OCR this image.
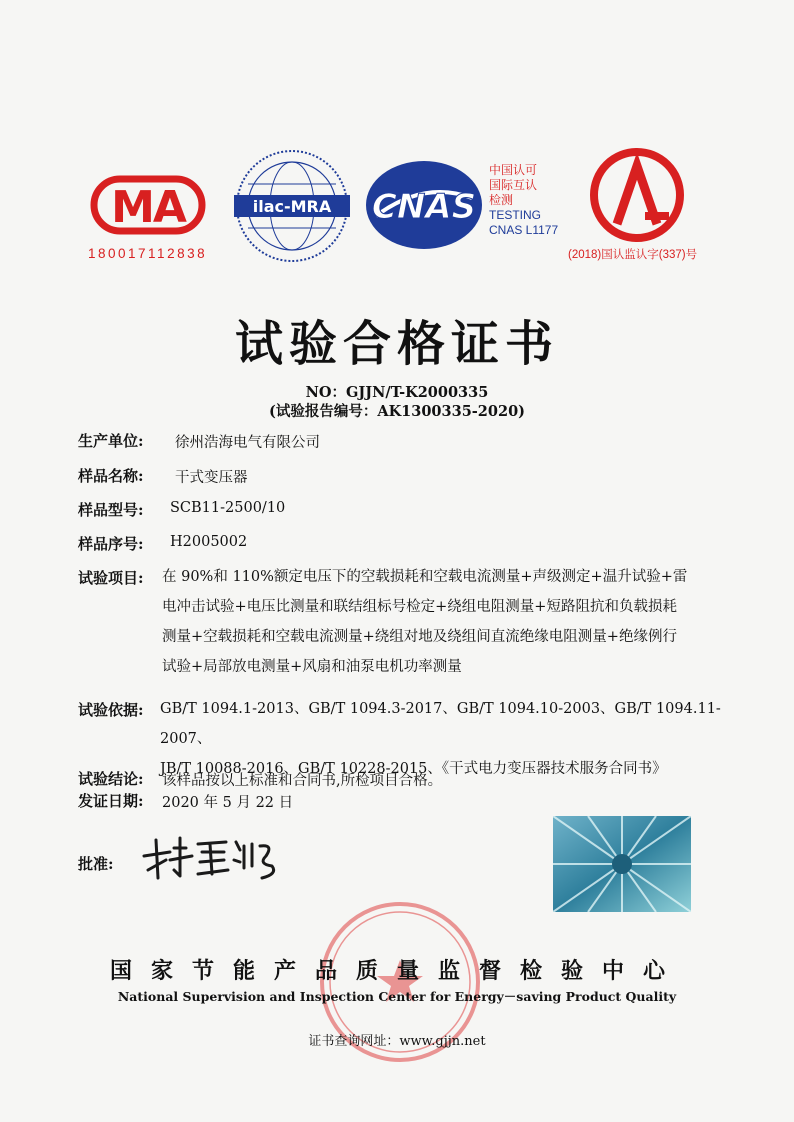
MA
180017112838
ilac-MRA CNAS
中国认可
国际互认
检测
TESTING
CNAS L1177
(2018)国认监认字(337)号
试验合格证书
NO：GJJN/T-K2000335
(试验报告编号：AK1300335-2020)
生产单位: 徐州浩海电气有限公司
样品名称: 干式变压器
样品型号: SCB11-2500/10
样品序号: H2005002
试验项目: 在 90%和 110%额定电压下的空载损耗和空载电流测量+声级测定+温升试验+雷
电冲击试验+电压比测量和联结组标号检定+绕组电阻测量+短路阻抗和负载损耗
测量+空载损耗和空载电流测量+绕组对地及绕组间直流绝缘电阻测量+绝缘例行
试验+局部放电测量+风扇和油泵电机功率测量
试验依据: GB/T 1094.1-2013、GB/T 1094.3-2017、GB/T 1094.10-2003、GB/T 1094.11-2007、
JB/T 10088-2016、GB/T 10228-2015、《干式电力变压器技术服务合同书》
试验结论: 该样品按以上标准和合同书,所检项目合格。
发证日期: 2020 年 5 月 22 日
批准:
国家节能产品质量监督检验中心
National Supervision and Inspection Center for Energy－saving Product Quality
证书查询网址：www.gjjn.net
